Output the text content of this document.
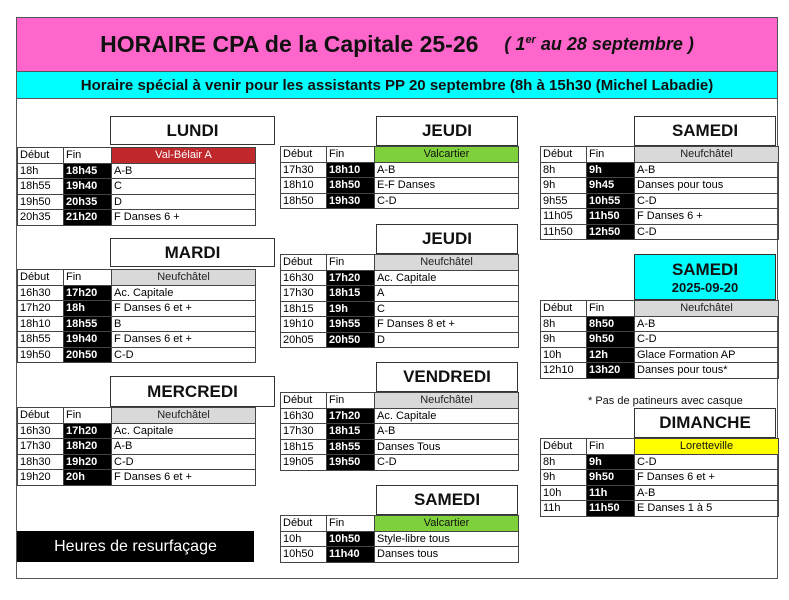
HORAIRE CPA de la Capitale 25-26 ( 1er au 28 septembre )
Horaire spécial à venir pour les assistants PP 20 septembre (8h à 15h30 (Michel Labadie)
Heures de resurfaçage
LUNDI
Début	Fin	Val-Bélair A
18h	18h45	A-B
18h55	19h40	C
19h50	20h35	D
20h35	21h20	F Danses 6 +
MARDI
Début	Fin	Neufchâtel
16h30	17h20	Ac. Capitale
17h20	18h	F Danses 6 et +
18h10	18h55	B
18h55	19h40	F Danses 6 et +
19h50	20h50	C-D
MERCREDI
Début	Fin	Neufchâtel
16h30	17h20	Ac. Capitale
17h30	18h20	A-B
18h30	19h20	C-D
19h20	20h	F Danses 6 et +
JEUDI
Début	Fin	Valcartier
17h30	18h10	A-B
18h10	18h50	E-F Danses
18h50	19h30	C-D
JEUDI
Début	Fin	Neufchâtel
16h30	17h20	Ac. Capitale
17h30	18h15	A
18h15	19h	C
19h10	19h55	F Danses 8 et +
20h05	20h50	D
VENDREDI
Début	Fin	Neufchâtel
16h30	17h20	Ac. Capitale
17h30	18h15	A-B
18h15	18h55	Danses Tous
19h05	19h50	C-D
SAMEDI
Début	Fin	Valcartier
10h	10h50	Style-libre tous
10h50	11h40	Danses tous
SAMEDI
Début	Fin	Neufchâtel
8h	9h	A-B
9h	9h45	Danses pour tous
9h55	10h55	C-D
11h05	11h50	F Danses 6 +
11h50	12h50	C-D
SAMEDI
2025-09-20
Début	Fin	Neufchâtel
8h	8h50	A-B
9h	9h50	C-D
10h	12h	Glace Formation AP
12h10	13h20	Danses pour tous*
* Pas de patineurs avec casque
DIMANCHE
Début	Fin	Loretteville
8h	9h	C-D
9h	9h50	F Danses 6 et +
10h	11h	A-B
11h	11h50	E Danses 1 à 5
